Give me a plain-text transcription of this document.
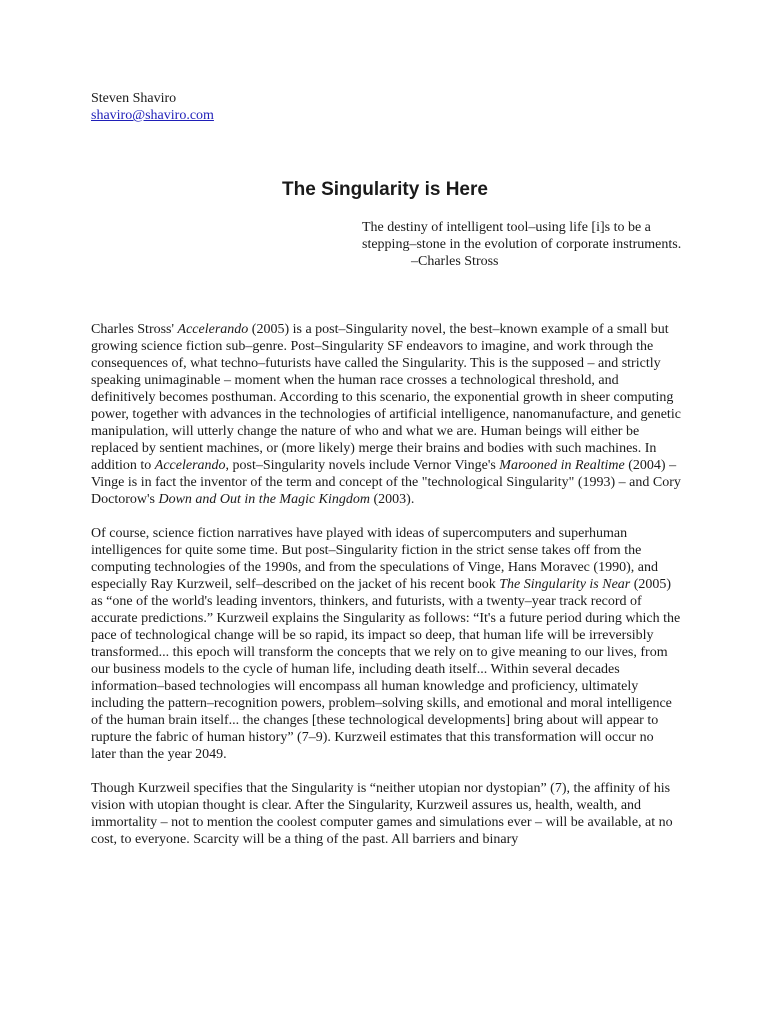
Steven Shaviro
shaviro@shaviro.com
The Singularity is Here
The destiny of intelligent tool–using life [i]s to be a stepping–stone in the evolution of corporate instruments.
–Charles Stross

Charles Stross' Accelerando (2005) is a post–Singularity novel, the best–known example of a small but growing science fiction sub–genre. Post–Singularity SF endeavors to imagine, and work through the consequences of, what techno–futurists have called the Singularity. This is the supposed – and strictly speaking unimaginable – moment when the human race crosses a technological threshold, and definitively becomes posthuman. According to this scenario, the exponential growth in sheer computing power, together with advances in the technologies of artificial intelligence, nanomanufacture, and genetic manipulation, will utterly change the nature of who and what we are. Human beings will either be replaced by sentient machines, or (more likely) merge their brains and bodies with such machines. In addition to Accelerando, post–Singularity novels include Vernor Vinge's Marooned in Realtime (2004) – Vinge is in fact the inventor of the term and concept of the "technological Singularity" (1993) – and Cory Doctorow's Down and Out in the Magic Kingdom (2003).

Of course, science fiction narratives have played with ideas of supercomputers and superhuman intelligences for quite some time. But post–Singularity fiction in the strict sense takes off from the computing technologies of the 1990s, and from the speculations of Vinge, Hans Moravec (1990), and especially Ray Kurzweil, self–described on the jacket of his recent book The Singularity is Near (2005) as “one of the world's leading inventors, thinkers, and futurists, with a twenty–year track record of accurate predictions.” Kurzweil explains the Singularity as follows: “It's a future period during which the pace of technological change will be so rapid, its impact so deep, that human life will be irreversibly transformed... this epoch will transform the concepts that we rely on to give meaning to our lives, from our business models to the cycle of human life, including death itself... Within several decades information–based technologies will encompass all human knowledge and proficiency, ultimately including the pattern–recognition powers, problem–solving skills, and emotional and moral intelligence of the human brain itself... the changes [these technological developments] bring about will appear to rupture the fabric of human history” (7–9). Kurzweil estimates that this transformation will occur no later than the year 2049.

Though Kurzweil specifies that the Singularity is “neither utopian nor dystopian” (7), the affinity of his vision with utopian thought is clear. After the Singularity, Kurzweil assures us, health, wealth, and immortality – not to mention the coolest computer games and simulations ever – will be available, at no cost, to everyone. Scarcity will be a thing of the past. All barriers and binary
